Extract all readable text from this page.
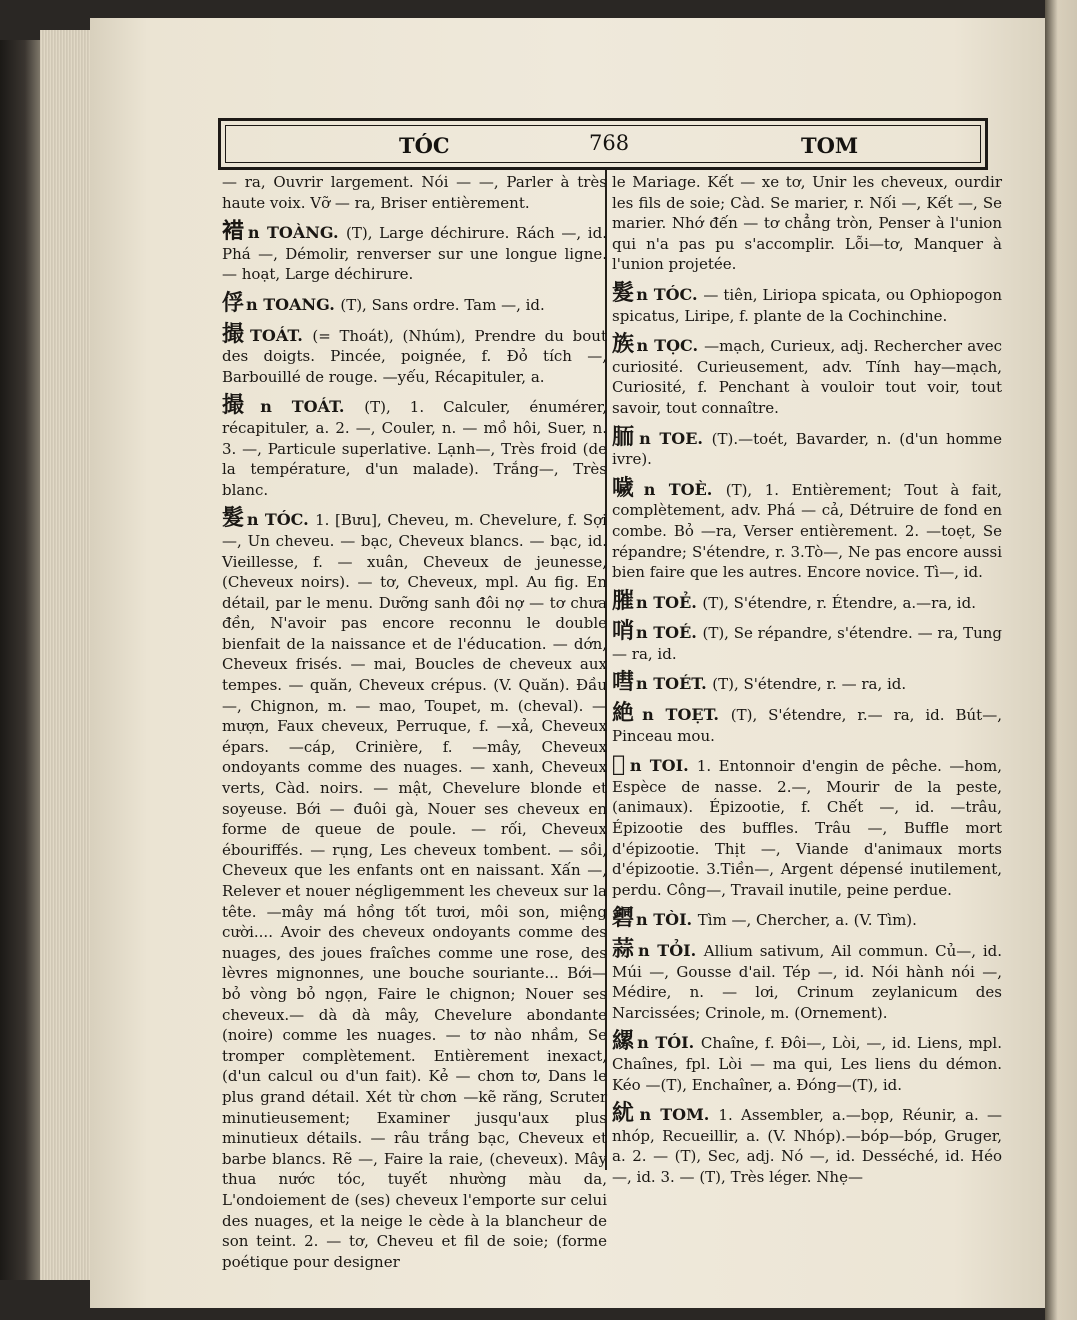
TÓC	768	TOM

— ra, Ouvrir largement. Nói — —, Parler à très haute voix. Vỡ — ra, Briser entièrement.

𧛊 n TOÀNG. (T), Large déchirure. Rách —, id. Phá —, Démolir, renverser sur une longue ligne. — hoạt, Large déchirure.

俘 n TOANG. (T), Sans ordre. Tam —, id.

撮 TOÁT. (= Thoát), (Nhúm), Prendre du bout des doigts. Pincée, poignée, f. Đỏ tích —, Barbouillé de rouge. —yếu, Récapituler, a.

撮 n TOÁT. (T), 1. Calculer, énumérer, récapituler, a. 2. —, Couler, n. — mồ hôi, Suer, n. 3. —, Particule superlative. Lạnh—, Très froid (de la température, d'un malade). Trắng—, Très blanc.

髮 n TÓC. 1. [Bưu], Cheveu, m. Chevelure, f. Sợi —, Un cheveu. — bạc, Cheveux blancs. — bạc, id. Vieillesse, f. — xuân, Cheveux de jeunesse, (Cheveux noirs). — tơ, Cheveux, mpl. Au fig. En détail, par le menu. Dưỡng sanh đôi nợ — tơ chưa đền, N'avoir pas encore reconnu le double bienfait de la naissance et de l'éducation. — dớn, Cheveux frisés. — mai, Boucles de cheveux aux tempes. — quăn, Cheveux crépus. (V. Quăn). Đầu —, Chignon, m. — mao, Toupet, m. (cheval). — mượn, Faux cheveux, Perruque, f. —xả, Cheveux épars. —cáp, Crinière, f. —mây, Cheveux ondoyants comme des nuages. — xanh, Cheveux verts, Càd. noirs. — mật, Chevelure blonde et soyeuse. Bới — đuôi gà, Nouer ses cheveux en forme de queue de poule. — rối, Cheveux ébouriffés. — rụng, Les cheveux tombent. — sồi, Cheveux que les enfants ont en naissant. Xấn —, Relever et nouer négligemment les cheveux sur la tête. —mây má hồng tốt tươi, môi son, miệng cười.... Avoir des cheveux ondoyants comme des nuages, des joues fraîches comme une rose, des lèvres mignonnes, une bouche souriante... Bới—bỏ vòng bỏ ngọn, Faire le chignon; Nouer ses cheveux.— dà dà mây, Chevelure abondante (noire) comme les nuages. — tơ nào nhầm, Se tromper complètement. Entièrement inexact, (d'un calcul ou d'un fait). Kẻ — chơn tơ, Dans le plus grand détail. Xét từ chơn —kẽ răng, Scruter minutieusement; Examiner jusqu'aux plus minutieux détails. — râu trắng bạc, Cheveux et barbe blancs. Rẽ —, Faire la raie, (cheveux). Mây thua nước tóc, tuyết nhường màu da, L'ondoiement de (ses) cheveux l'emporte sur celui des nuages, et la neige le cède à la blancheur de son teint. 2. — tơ, Cheveu et fil de soie; (forme poétique pour designer

le Mariage. Kết — xe tơ, Unir les cheveux, ourdir les fils de soie; Càd. Se marier, r. Nối —, Kết —, Se marier. Nhớ đến — tơ chẳng tròn, Penser à l'union qui n'a pas pu s'accomplir. Lỗi—tơ, Manquer à l'union projetée.

髮 n TÓC. — tiên, Liriopa spicata, ou Ophiopogon spicatus, Liripe, f. plante de la Cochinchine.

族 n TỌC. —mạch, Curieux, adj. Rechercher avec curiosité. Curieusement, adv. Tính hay—mạch, Curiosité, f. Penchant à vouloir tout voir, tout savoir, tout connaître.

胹 n TOE. (T).—toét, Bavarder, n. (d'un homme ivre).

噦 n TOÈ. (T), 1. Entièrement; Tout à fait, complètement, adv. Phá — cả, Détruire de fond en combe. Bỏ —ra, Verser entièrement. 2. —toẹt, Se répandre; S'étendre, r. 3.Tò—, Ne pas encore aussi bien faire que les autres. Encore novice. Tì—, id.

膗 n TOẺ. (T), S'étendre, r. Étendre, a.—ra, id.

哨 n TOÉ. (T), Se répandre, s'étendre. — ra, Tung — ra, id.

嘒 n TOÉT. (T), S'étendre, r. — ra, id.

絶 n TOẸT. (T), S'étendre, r.— ra, id. Bút—, Pinceau mou.

𤶐 n TOI. 1. Entonnoir d'engin de pêche. —hom, Espèce de nasse. 2.—, Mourir de la peste, (animaux). Épizootie, f. Chết —, id. —trâu, Épizootie des buffles. Trâu —, Buffle mort d'épizootie. Thịt —, Viande d'animaux morts d'épizootie. 3.Tiền—, Argent dépensé inutilement, perdu. Công—, Travail inutile, peine perdue.

𥖹 n TÒI. Tìm —, Chercher, a. (V. Tìm).

蒜 n TỎI. Allium sativum, Ail commun. Củ—, id. Múi —, Gousse d'ail. Tép —, id. Nói hành nói —, Médire, n. — lơi, Crinum zeylanicum des Narcissées; Crinole, m. (Ornement).

縲 n TÓI. Chaîne, f. Đôi—, Lòi, —, id. Liens, mpl. Chaînes, fpl. Lòi — ma qui, Les liens du démon. Kéo —(T), Enchaîner, a. Đóng—(T), id.

紌 n TOM. 1. Assembler, a.—bọp, Réunir, a. —nhóp, Recueillir, a. (V. Nhóp).—bóp—bóp, Gruger, a. 2. — (T), Sec, adj. Nó —, id. Desséché, id. Héo —, id. 3. — (T), Très léger. Nhẹ—
